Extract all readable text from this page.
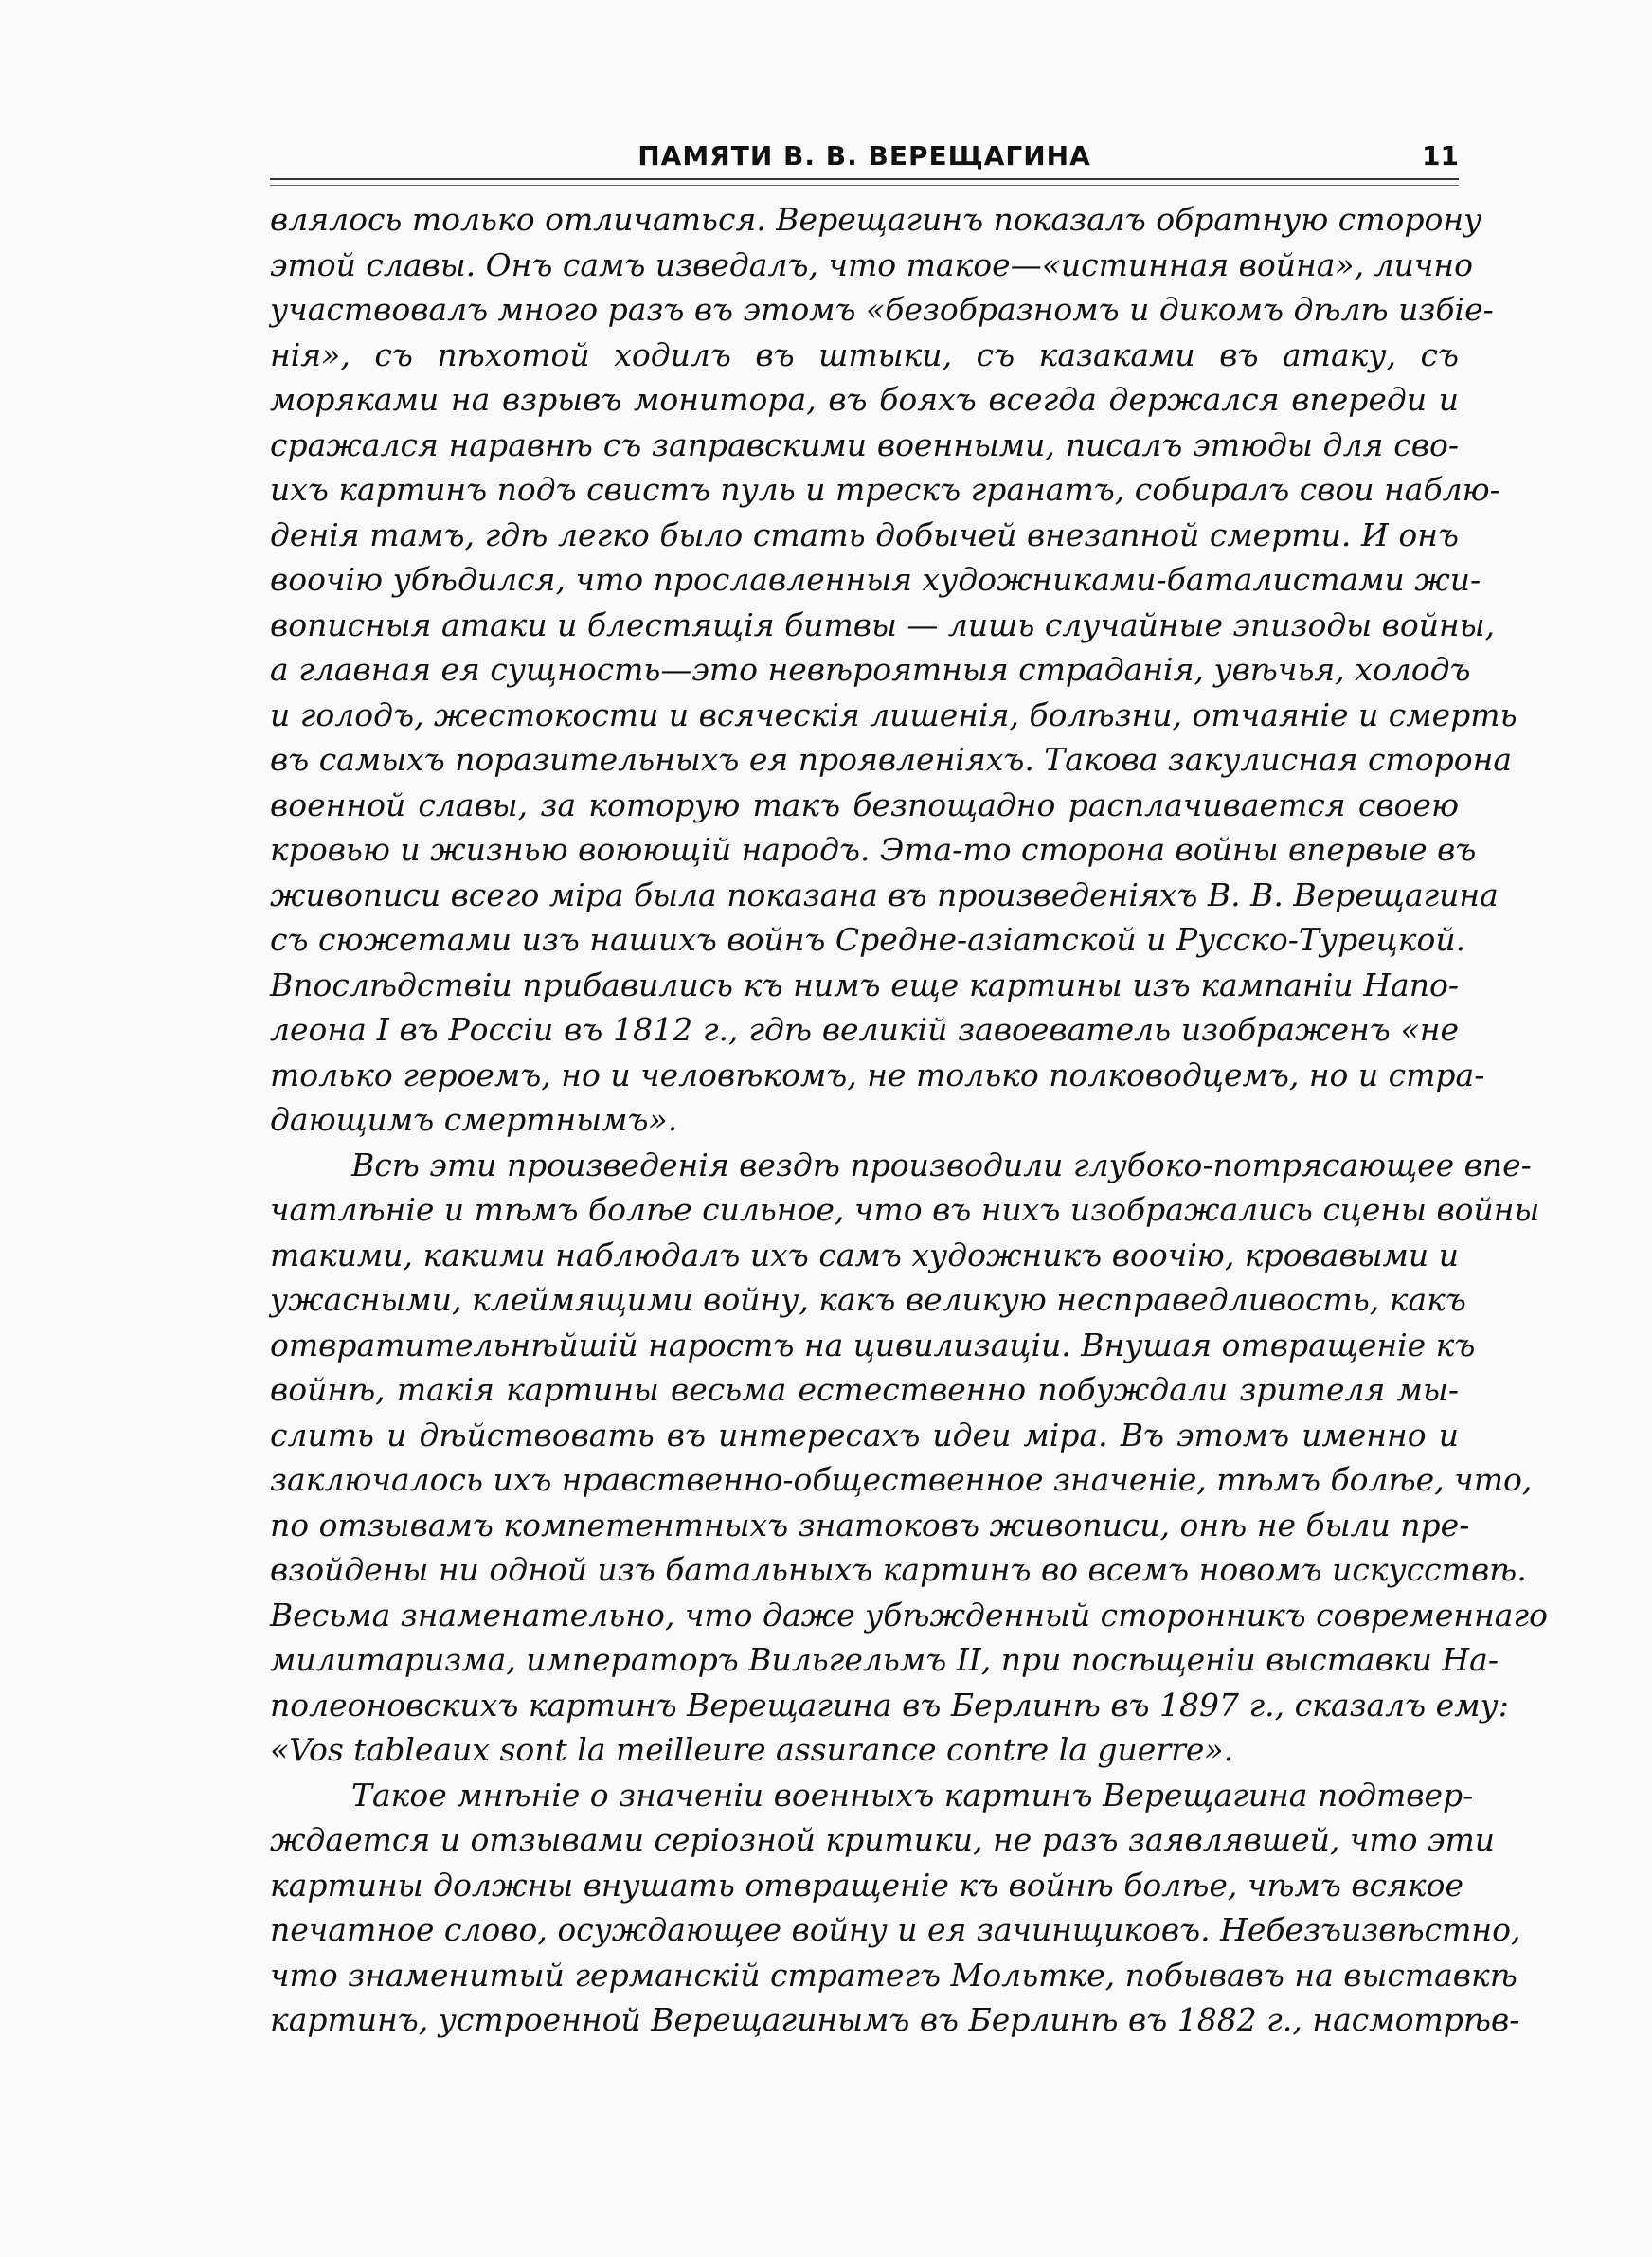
ПАМЯТИ В. В. ВЕРЕЩАГИНА	11
влялось только отличаться. Верещагинъ показалъ обратную сторону
этой славы. Онъ самъ изведалъ, что такое—«истинная война», лично
участвовалъ много разъ въ этомъ «безобразномъ и дикомъ дѣлѣ избіе-
нія», съ пѣхотой ходилъ въ штыки, съ казаками въ атаку, съ
моряками на взрывъ монитора, въ бояхъ всегда держался впереди и
сражался наравнѣ съ заправскими военными, писалъ этюды для сво-
ихъ картинъ подъ свистъ пуль и трескъ гранатъ, собиралъ свои наблю-
денія тамъ, гдѣ легко было стать добычей внезапной смерти. И онъ
воочію убѣдился, что прославленныя художниками-баталистами жи-
вописныя атаки и блестящія битвы — лишь случайные эпизоды войны,
а главная ея сущность—это невѣроятныя страданія, увѣчья, холодъ
и голодъ, жестокости и всяческія лишенія, болѣзни, отчаяніе и смерть
въ самыхъ поразительныхъ ея проявленіяхъ. Такова закулисная сторона
военной славы, за которую такъ безпощадно расплачивается своею
кровью и жизнью воюющій народъ. Эта-то сторона войны впервые въ
живописи всего міра была показана въ произведеніяхъ В. В. Верещагина
съ сюжетами изъ нашихъ войнъ Средне-азіатской и Русско-Турецкой.
Впослѣдствіи прибавились къ нимъ еще картины изъ кампаніи Напо-
леона I въ Россіи въ 1812 г., гдѣ великій завоеватель изображенъ «не
только героемъ, но и человѣкомъ, не только полководцемъ, но и стра-
дающимъ смертнымъ».
Всѣ эти произведенія вездѣ производили глубоко-потрясающее впе-
чатлѣніе и тѣмъ болѣе сильное, что въ нихъ изображались сцены войны
такими, какими наблюдалъ ихъ самъ художникъ воочію, кровавыми и
ужасными, клеймящими войну, какъ великую несправедливость, какъ
отвратительнѣйшій наростъ на цивилизаціи. Внушая отвращеніе къ
войнѣ, такія картины весьма естественно побуждали зрителя мы-
слить и дѣйствовать въ интересахъ идеи міра. Въ этомъ именно и
заключалось ихъ нравственно-общественное значеніе, тѣмъ болѣе, что,
по отзывамъ компетентныхъ знатоковъ живописи, онѣ не были пре-
взойдены ни одной изъ батальныхъ картинъ во всемъ новомъ искусствѣ.
Весьма знаменательно, что даже убѣжденный сторонникъ современнаго
милитаризма, императоръ Вильгельмъ II, при посѣщеніи выставки На-
полеоновскихъ картинъ Верещагина въ Берлинѣ въ 1897 г., сказалъ ему:
«Vos tableaux sont la meilleure assurance contre la guerre».
Такое мнѣніе о значеніи военныхъ картинъ Верещагина подтвер-
ждается и отзывами серіозной критики, не разъ заявлявшей, что эти
картины должны внушать отвращеніе къ войнѣ болѣе, чѣмъ всякое
печатное слово, осуждающее войну и ея зачинщиковъ. Небезъизвѣстно,
что знаменитый германскій стратегъ Мольтке, побывавъ на выставкѣ
картинъ, устроенной Верещагинымъ въ Берлинѣ въ 1882 г., насмотрѣв-
